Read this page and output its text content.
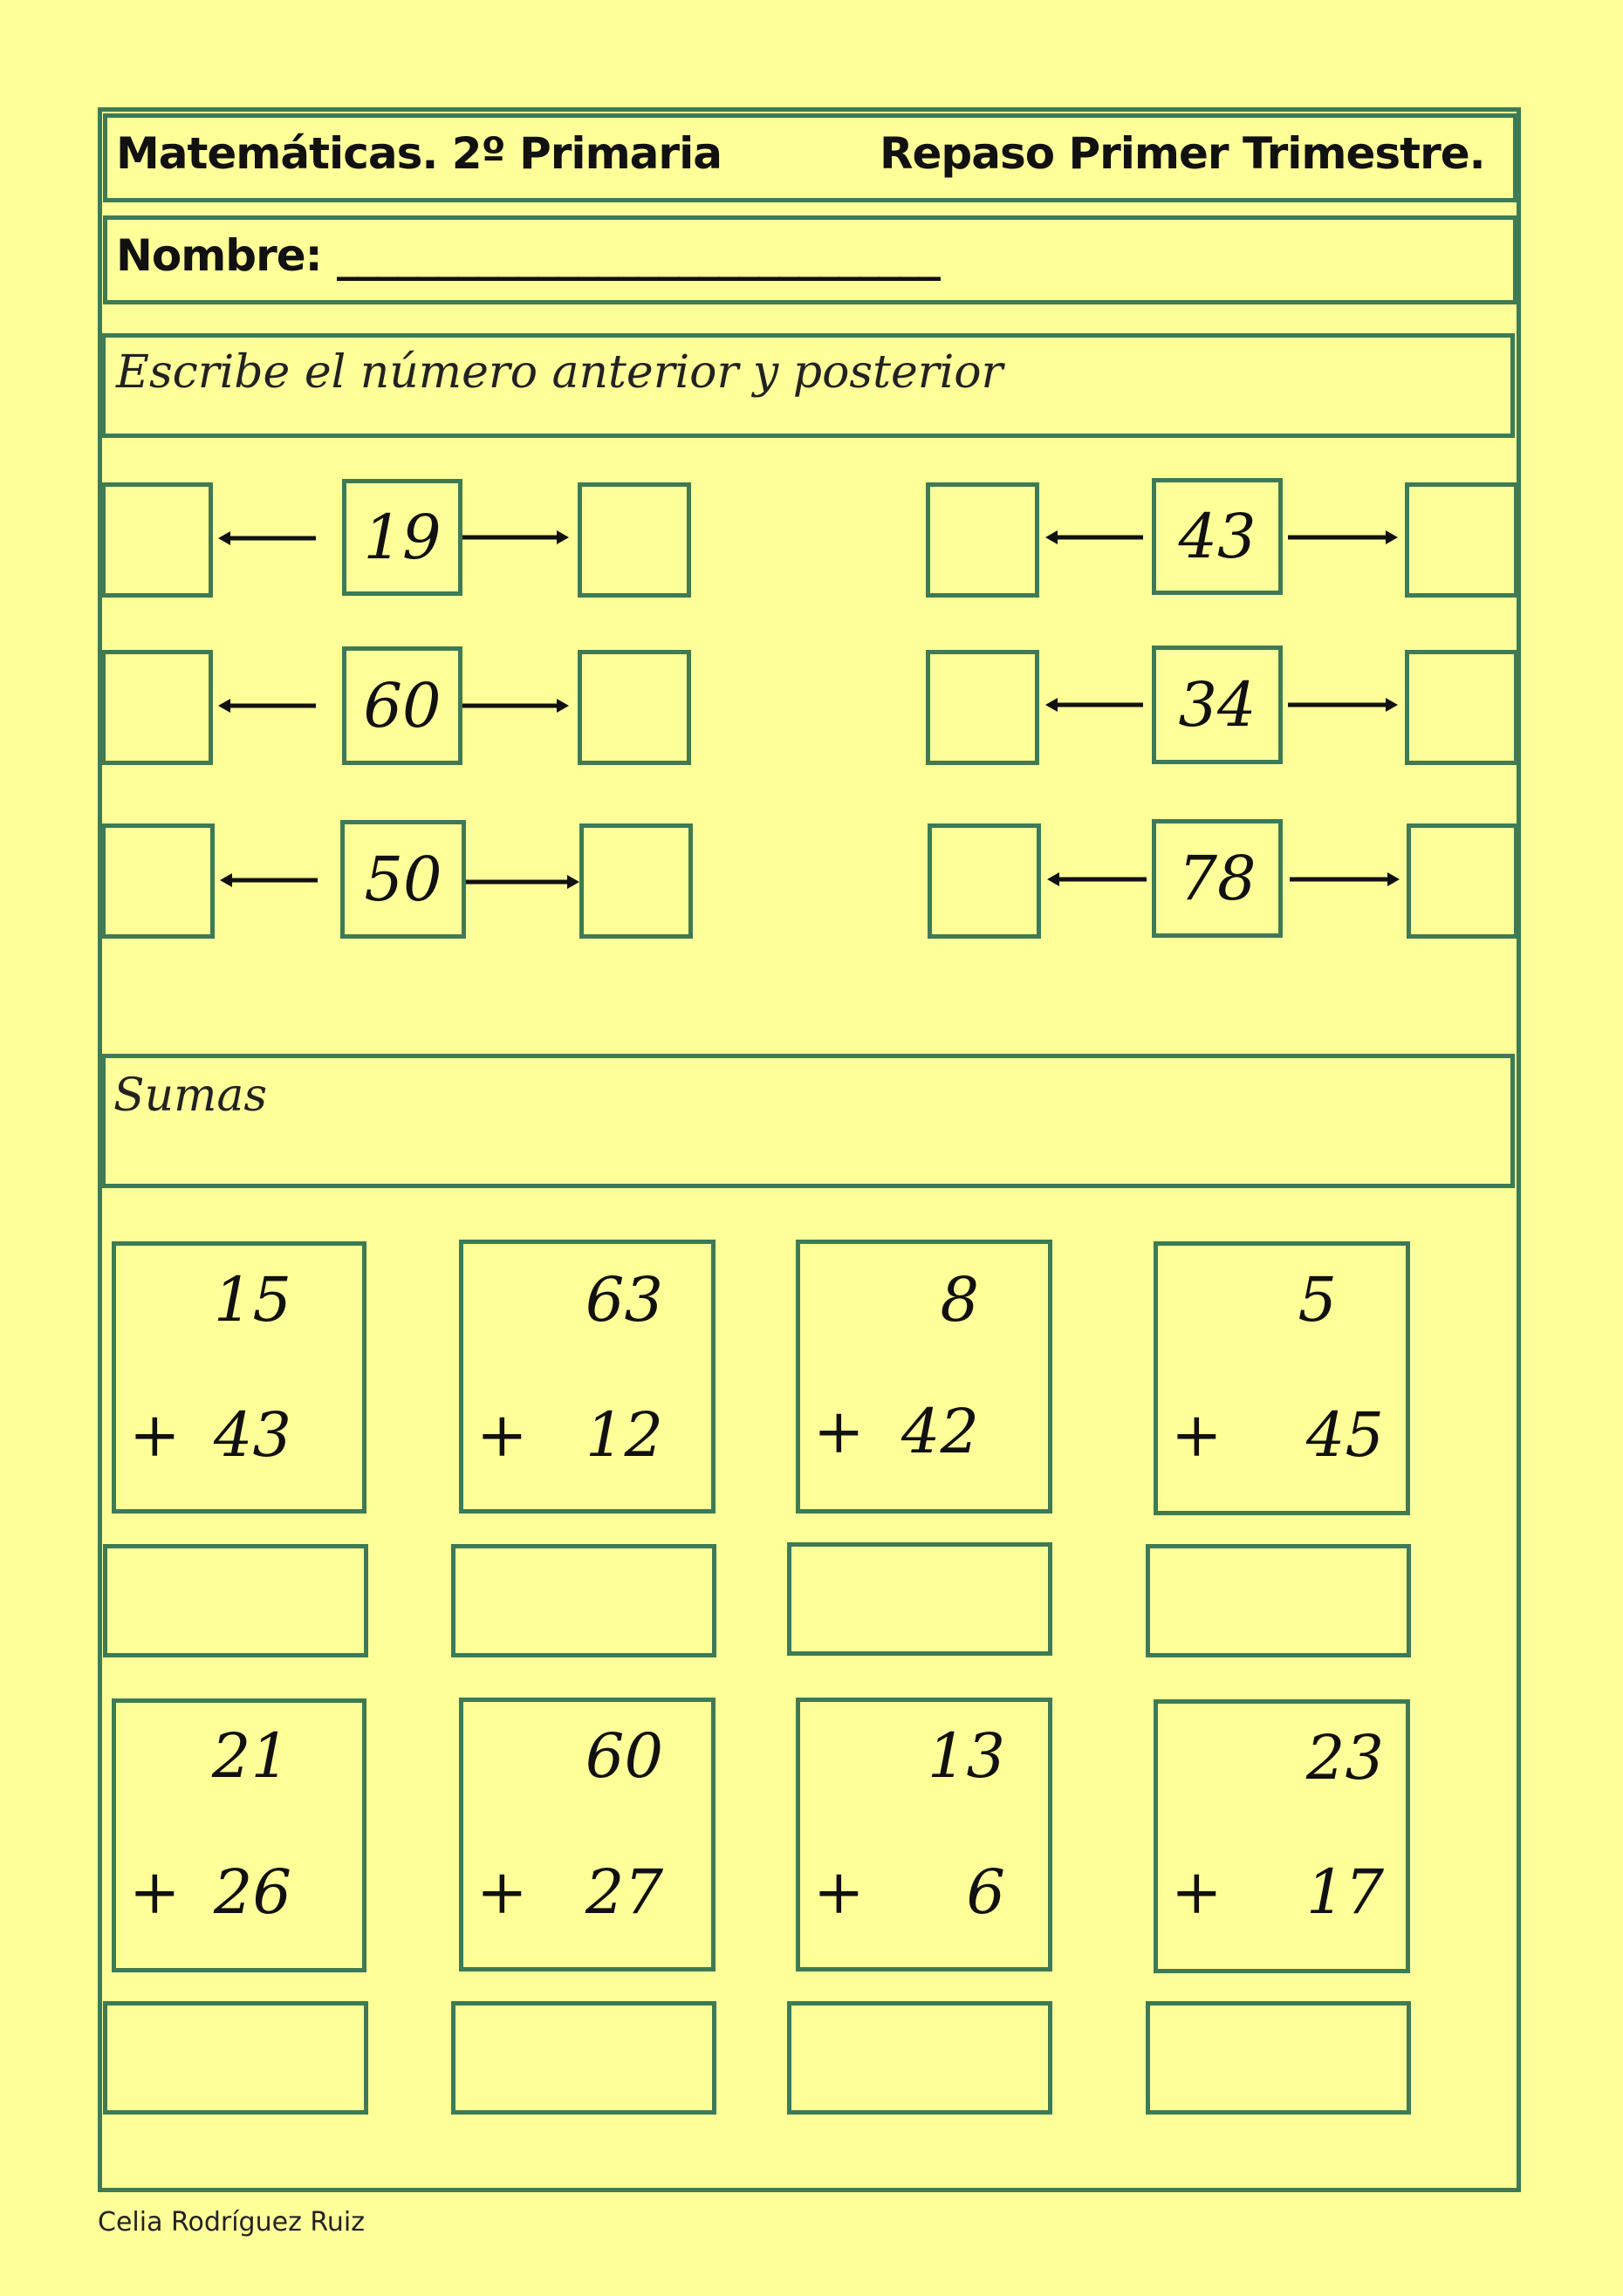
Matemáticas. 2º Primaria	Repaso Primer Trimestre.
Nombre: ______________________________
Escribe el número anterior y posterior
19	43
60	34
50	78
Sumas
15
+ 43
63
+ 12
8
+ 42
5
+ 45
21
+ 26
60
+ 27
13
+ 6
23
+ 17
Celia Rodríguez Ruiz
